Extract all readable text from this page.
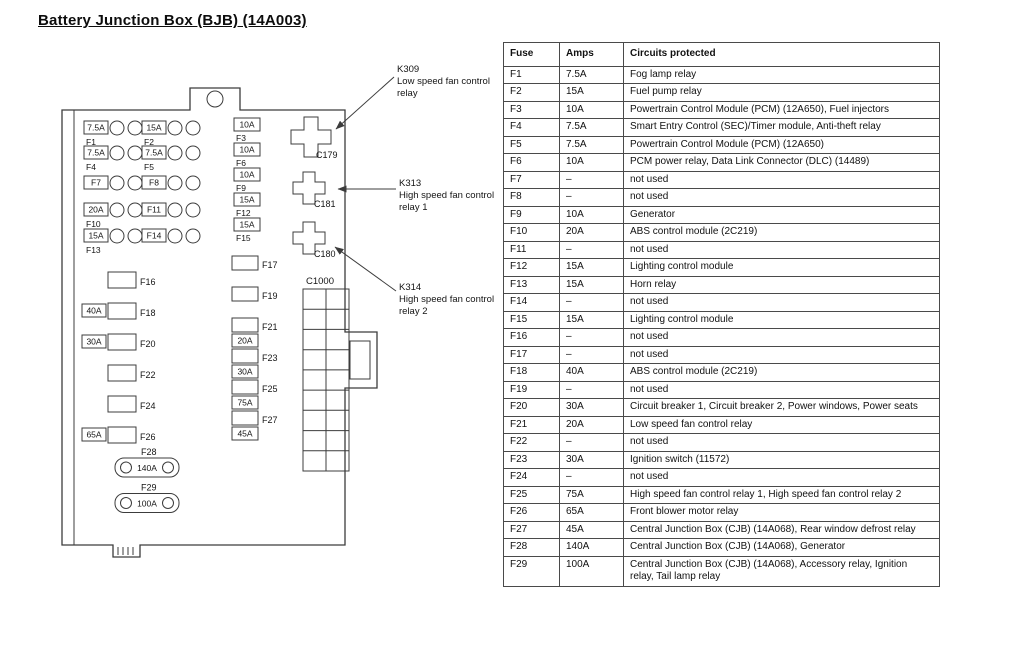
Battery Junction Box (BJB) (14A003)
7.5A
F1
15A
F2
7.5A
F4
7.5A
F5
F7	F8
20A
F10
F11
15A
F13
F14
10A
F3
10A
F6
10A
F9
15A
F12
15A
F15
C179
C181
C180
K309
Low speed fan control
relay
K313
High speed fan control
relay 1
K314
High speed fan control
relay 2
F16
F18
40A
F20
30A
F22
F24
F26
65A
F17
F19
F21
20A
F23
30A
F25
75A
F27
45A
F28
140A
F29
100A
C1000
Fuse	Amps	Circuits protected
F1	7.5A	Fog lamp relay
F2	15A	Fuel pump relay
F3	10A	Powertrain Control Module (PCM) (12A650), Fuel injectors
F4	7.5A	Smart Entry Control (SEC)/Timer module, Anti-theft relay
F5	7.5A	Powertrain Control Module (PCM) (12A650)
F6	10A	PCM power relay, Data Link Connector (DLC) (14489)
F7	–	not used
F8	–	not used
F9	10A	Generator
F10	20A	ABS control module (2C219)
F11	–	not used
F12	15A	Lighting control module
F13	15A	Horn relay
F14	–	not used
F15	15A	Lighting control module
F16	–	not used
F17	–	not used
F18	40A	ABS control module (2C219)
F19	–	not used
F20	30A	Circuit breaker 1, Circuit breaker 2, Power windows, Power seats
F21	20A	Low speed fan control relay
F22	–	not used
F23	30A	Ignition switch (11572)
F24	–	not used
F25	75A	High speed fan control relay 1, High speed fan control relay 2
F26	65A	Front blower motor relay
F27	45A	Central Junction Box (CJB) (14A068), Rear window defrost relay
F28	140A	Central Junction Box (CJB) (14A068), Generator
F29	100A	Central Junction Box (CJB) (14A068), Accessory relay, Ignition relay, Tail lamp relay
